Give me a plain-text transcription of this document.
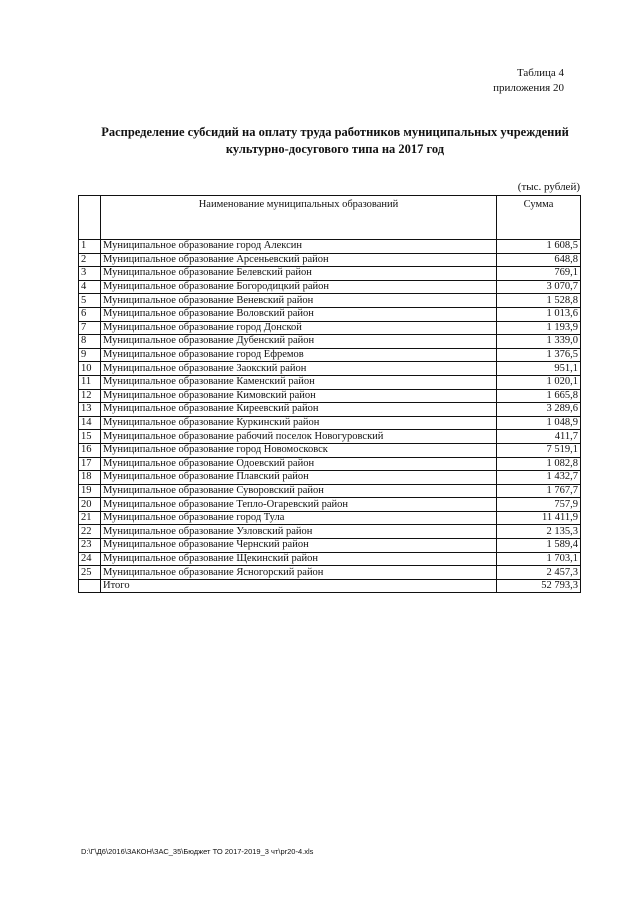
Таблица 4
приложения 20
Распределение субсидий на оплату труда работников муниципальных учреждений
культурно-досугового типа на 2017 год
(тыс. рублей)
	Наименование муниципальных образований	Сумма
1	Муниципальное образование город Алексин	1 608,5
2	Муниципальное образование Арсеньевский район	648,8
3	Муниципальное образование Белевский район	769,1
4	Муниципальное образование Богородицкий район	3 070,7
5	Муниципальное образование Веневский район	1 528,8
6	Муниципальное образование Воловский район	1 013,6
7	Муниципальное образование город Донской	1 193,9
8	Муниципальное образование Дубенский район	1 339,0
9	Муниципальное образование город Ефремов	1 376,5
10	Муниципальное образование Заокский район	951,1
11	Муниципальное образование Каменский район	1 020,1
12	Муниципальное образование Кимовский район	1 665,8
13	Муниципальное образование Киреевский район	3 289,6
14	Муниципальное образование Куркинский район	1 048,9
15	Муниципальное образование рабочий поселок Новогуровский	411,7
16	Муниципальное образование город Новомосковск	7 519,1
17	Муниципальное образование Одоевский район	1 082,8
18	Муниципальное образование Плавский район	1 432,7
19	Муниципальное образование Суворовский район	1 767,7
20	Муниципальное образование Тепло-Огаревский район	757,9
21	Муниципальное образование город Тула	11 411,9
22	Муниципальное образование Узловский район	2 135,3
23	Муниципальное образование Чернский район	1 589,4
24	Муниципальное образование Щекинский район	1 703,1
25	Муниципальное образование Ясногорский район	2 457,3
	Итого	52 793,3
D:\Г\Д6\2016\ЗАКОН\ЗАС_35\Бюджет ТО 2017-2019_3 чт\pr20-4.xls
